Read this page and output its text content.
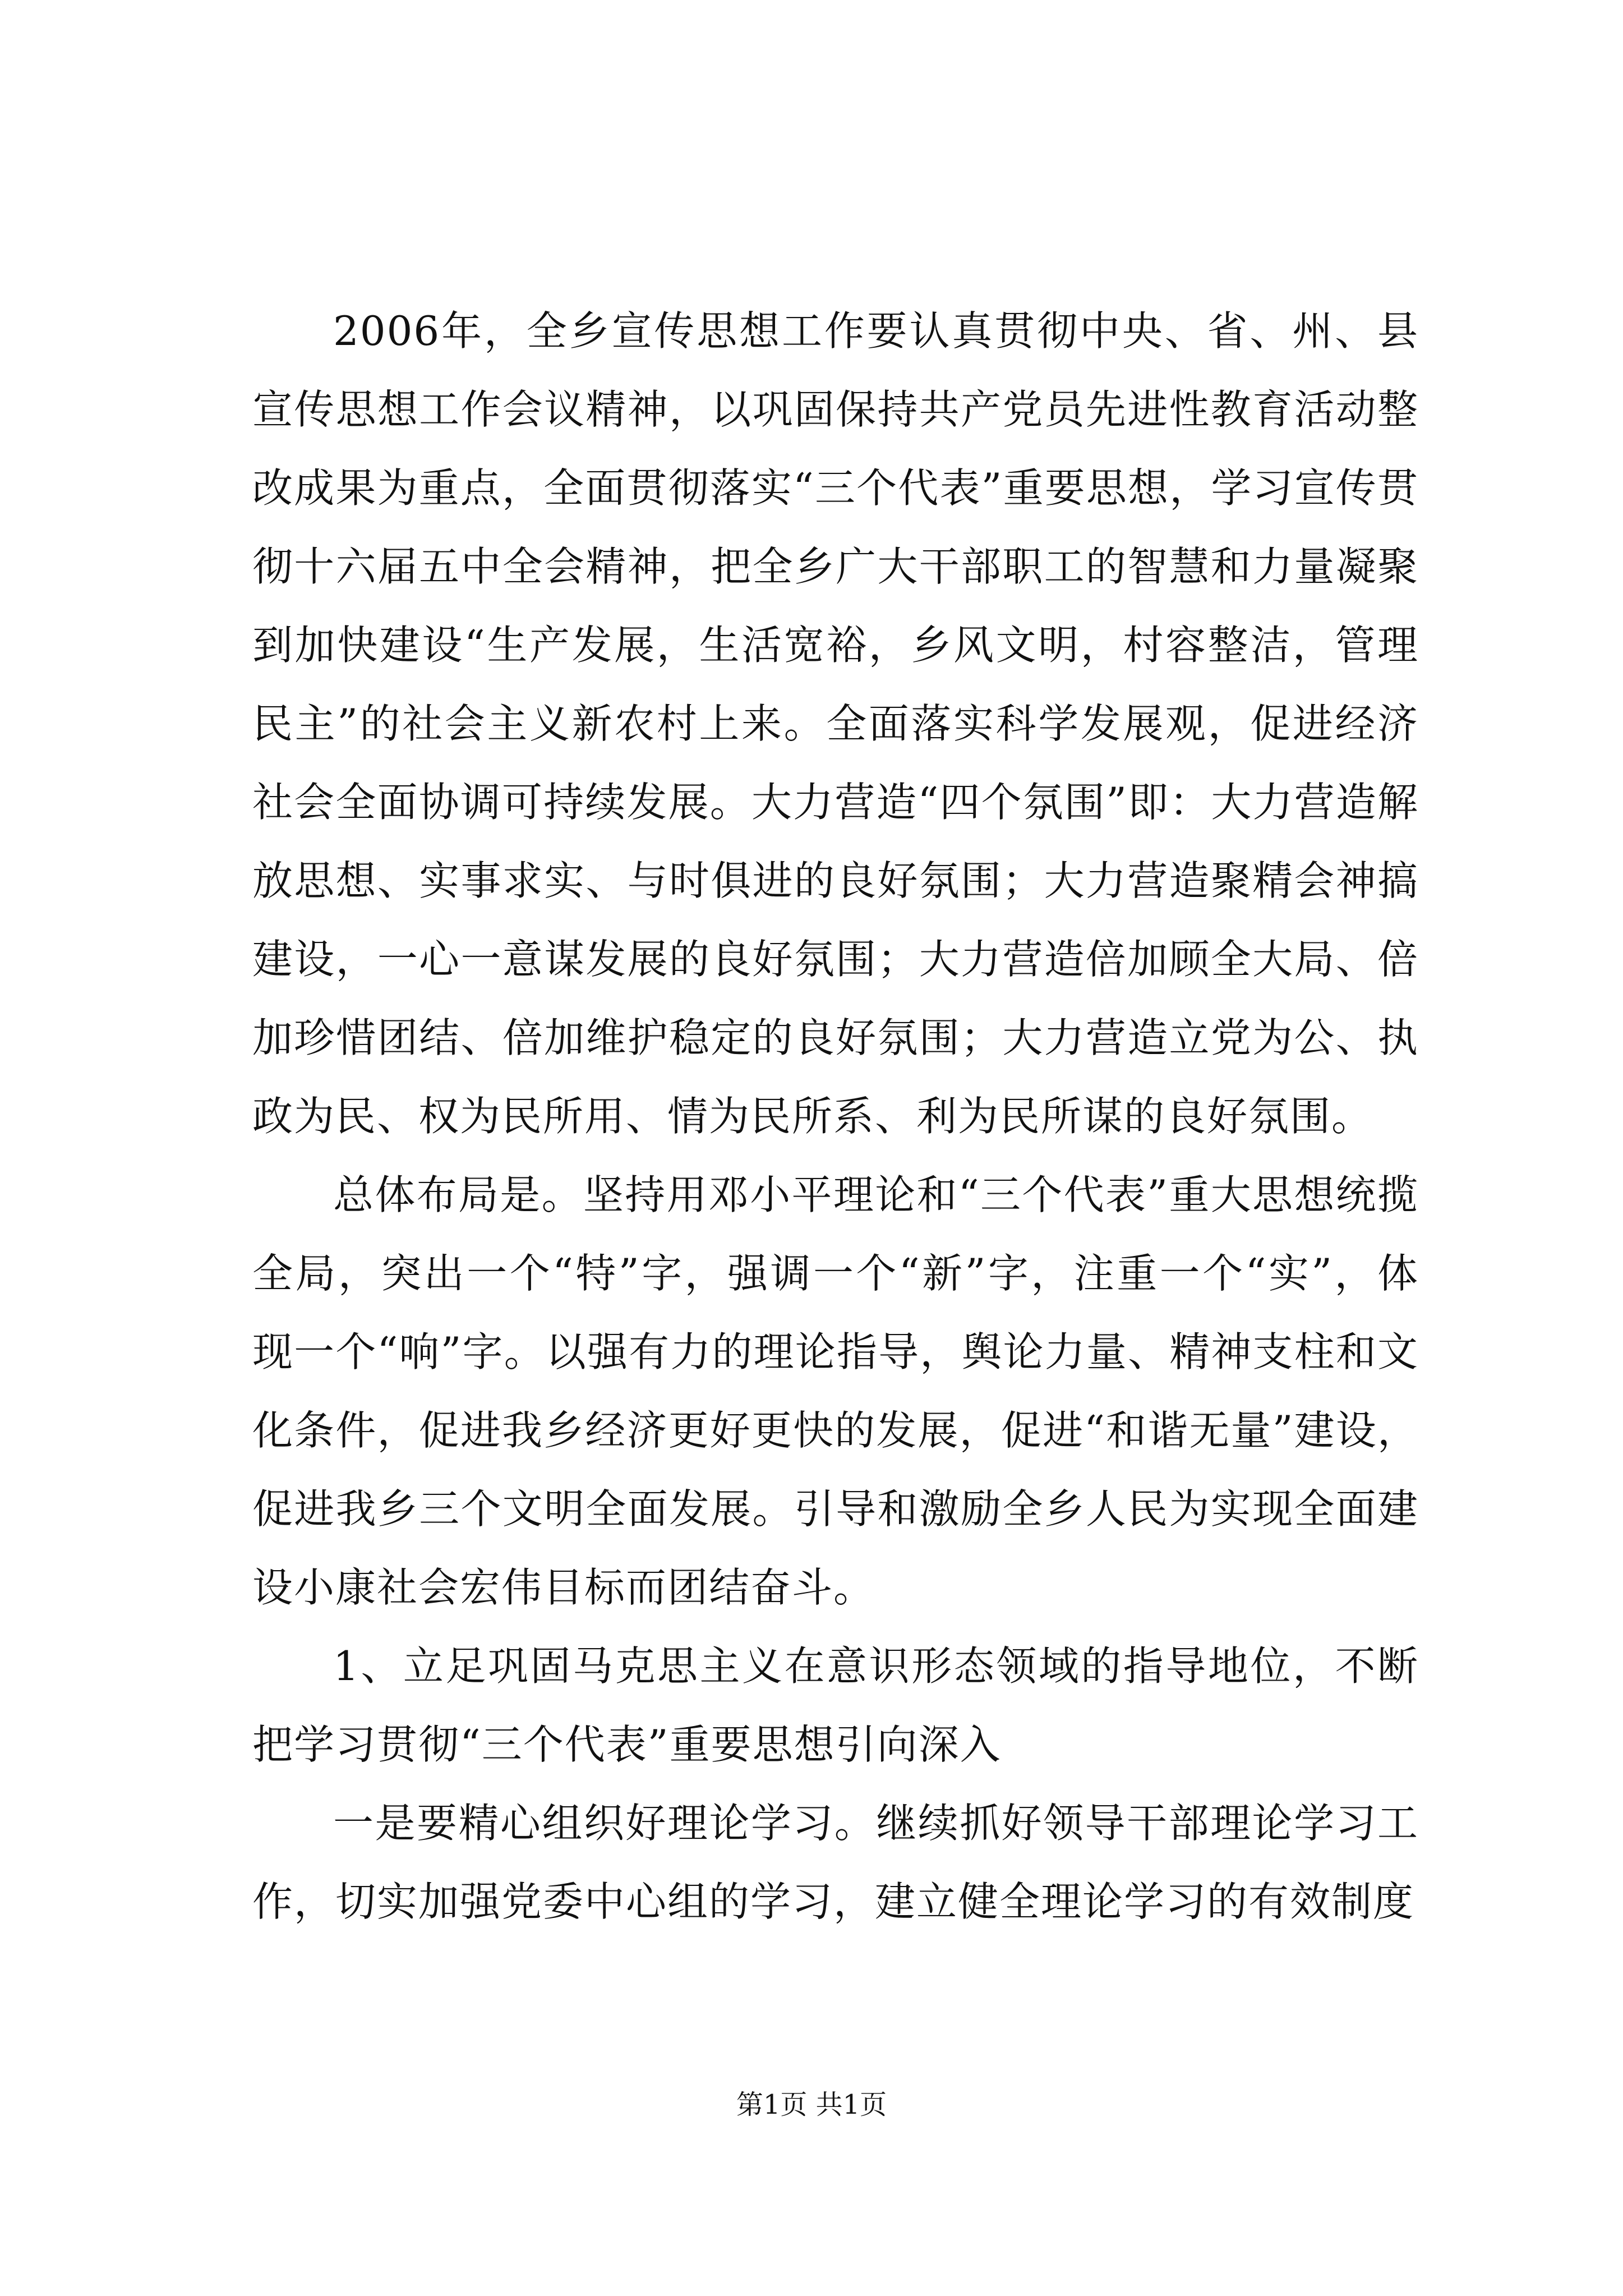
2006年，全乡宣传思想工作要认真贯彻中央、省、州、县宣传思想工作会议精神，以巩固保持共产党员先进性教育活动整改成果为重点，全面贯彻落实“三个代表”重要思想，学习宣传贯彻十六届五中全会精神，把全乡广大干部职工的智慧和力量凝聚到加快建设“生产发展，生活宽裕，乡风文明，村容整洁，管理民主”的社会主义新农村上来。全面落实科学发展观，促进经济社会全面协调可持续发展。大力营造“四个氛围”即：大力营造解放思想、实事求实、与时俱进的良好氛围；大力营造聚精会神搞建设，一心一意谋发展的良好氛围；大力营造倍加顾全大局、倍加珍惜团结、倍加维护稳定的良好氛围；大力营造立党为公、执政为民、权为民所用、情为民所系、利为民所谋的良好氛围。

总体布局是。坚持用邓小平理论和“三个代表”重大思想统揽全局，突出一个“特”字，强调一个“新”字，注重一个“实”，体现一个“响”字。以强有力的理论指导，舆论力量、精神支柱和文化条件，促进我乡经济更好更快的发展，促进“和谐无量”建设，促进我乡三个文明全面发展。引导和激励全乡人民为实现全面建设小康社会宏伟目标而团结奋斗。

1、立足巩固马克思主义在意识形态领域的指导地位，不断把学习贯彻“三个代表”重要思想引向深入

一是要精心组织好理论学习。继续抓好领导干部理论学习工作，切实加强党委中心组的学习，建立健全理论学习的有效制度

第1页 共1页
